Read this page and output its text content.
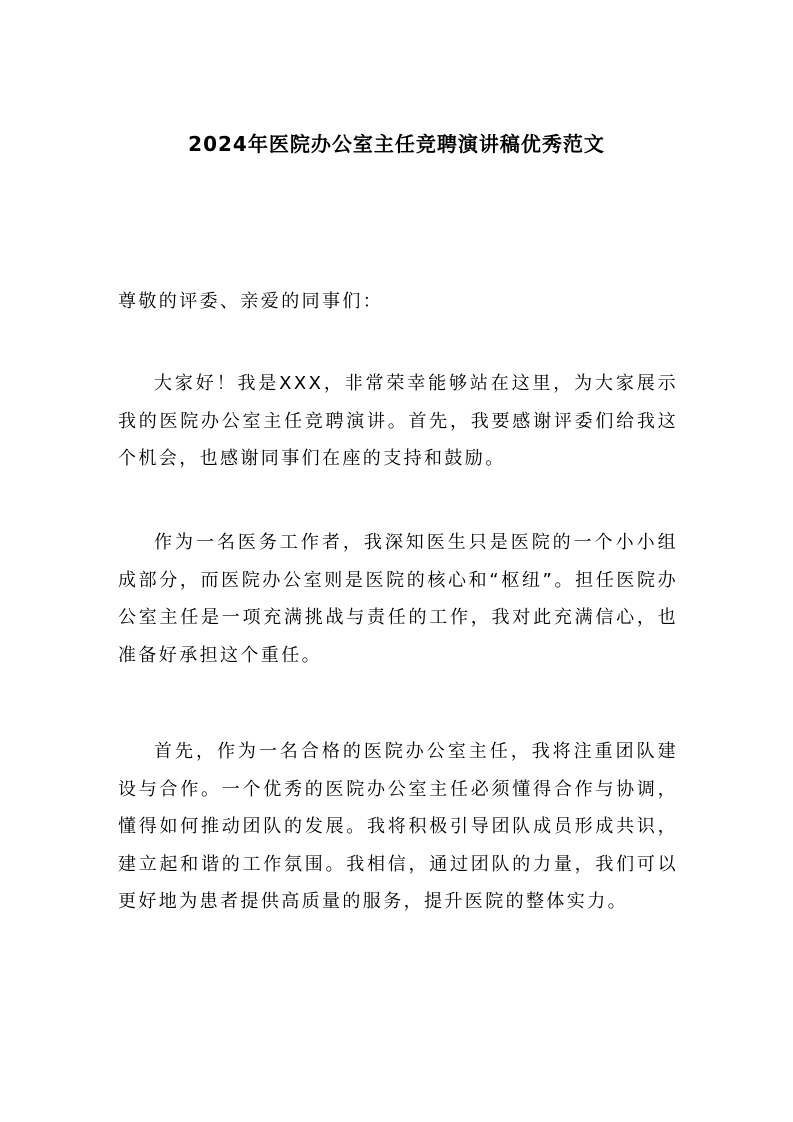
2024年医院办公室主任竞聘演讲稿优秀范文

尊敬的评委、亲爱的同事们：

大家好！我是XXX，非常荣幸能够站在这里，为大家展示我的医院办公室主任竞聘演讲。首先，我要感谢评委们给我这个机会，也感谢同事们在座的支持和鼓励。

作为一名医务工作者，我深知医生只是医院的一个小小组成部分，而医院办公室则是医院的核心和“枢纽”。担任医院办公室主任是一项充满挑战与责任的工作，我对此充满信心，也准备好承担这个重任。

首先，作为一名合格的医院办公室主任，我将注重团队建设与合作。一个优秀的医院办公室主任必须懂得合作与协调，懂得如何推动团队的发展。我将积极引导团队成员形成共识，建立起和谐的工作氛围。我相信，通过团队的力量，我们可以更好地为患者提供高质量的服务，提升医院的整体实力。
